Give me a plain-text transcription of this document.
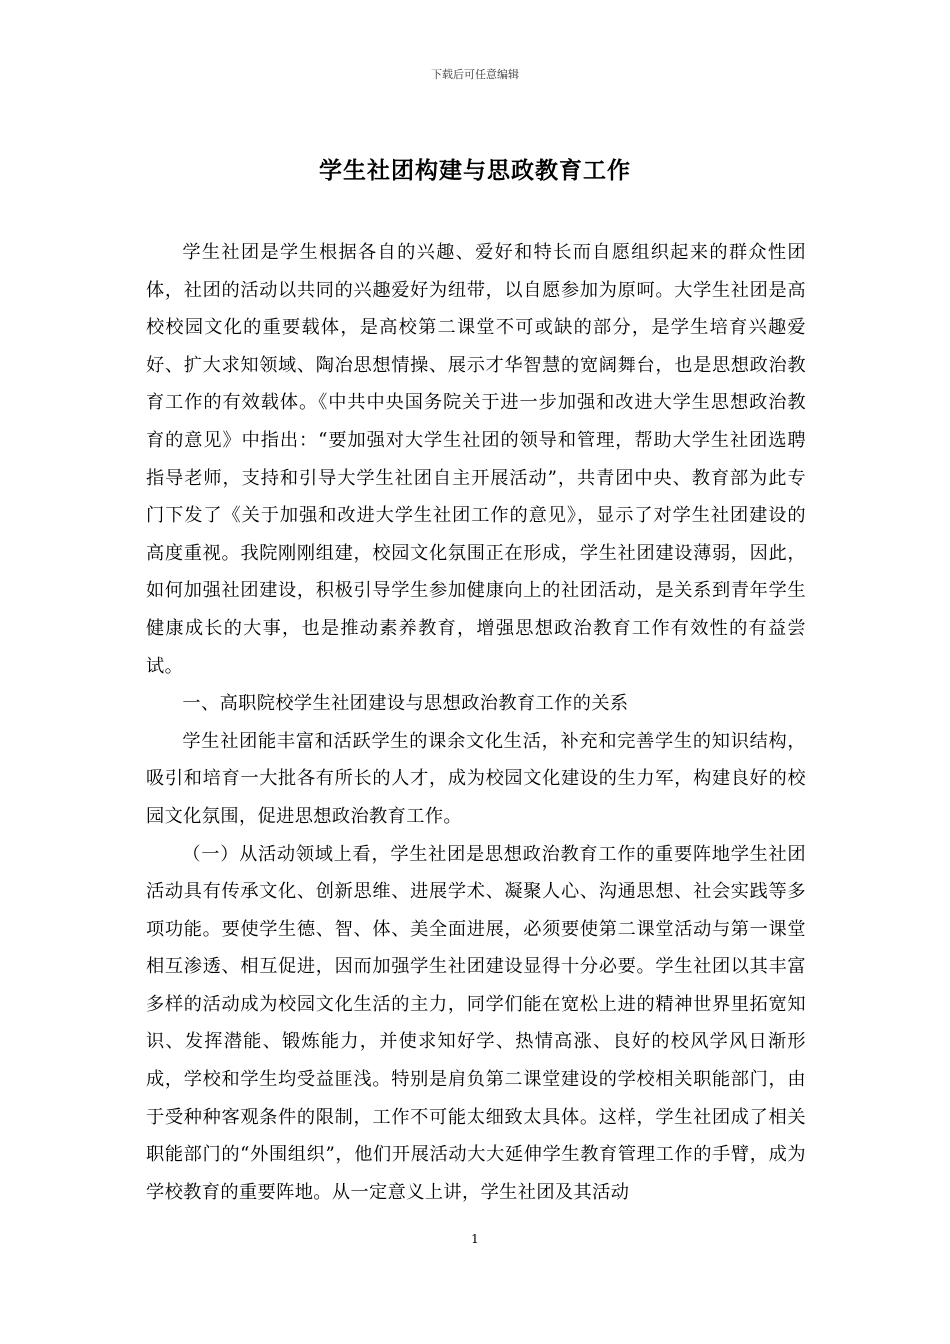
下载后可任意编辑
学生社团构建与思政教育工作

学生社团是学生根据各自的兴趣、爱好和特长而自愿组织起来的群众性团体，社团的活动以共同的兴趣爱好为纽带，以自愿参加为原呵。大学生社团是高校校园文化的重要载体，是高校第二课堂不可或缺的部分，是学生培育兴趣爱好、扩大求知领域、陶冶思想情操、展示才华智慧的宽阔舞台，也是思想政治教育工作的有效载体。《中共中央国务院关于进一步加强和改进大学生思想政治教育的意见》中指出：“要加强对大学生社团的领导和管理，帮助大学生社团选聘指导老师，支持和引导大学生社团自主开展活动”，共青团中央、教育部为此专门下发了《关于加强和改进大学生社团工作的意见》，显示了对学生社团建设的高度重视。我院刚刚组建，校园文化氛围正在形成，学生社团建设薄弱，因此，如何加强社团建设，积极引导学生参加健康向上的社团活动，是关系到青年学生健康成长的大事，也是推动素养教育，增强思想政治教育工作有效性的有益尝试。

一、高职院校学生社团建设与思想政治教育工作的关系

学生社团能丰富和活跃学生的课余文化生活，补充和完善学生的知识结构，吸引和培育一大批各有所长的人才，成为校园文化建设的生力军，构建良好的校园文化氛围，促进思想政治教育工作。

（一）从活动领域上看，学生社团是思想政治教育工作的重要阵地学生社团活动具有传承文化、创新思维、进展学术、凝聚人心、沟通思想、社会实践等多项功能。要使学生德、智、体、美全面进展，必须要使第二课堂活动与第一课堂相互渗透、相互促进，因而加强学生社团建设显得十分必要。学生社团以其丰富多样的活动成为校园文化生活的主力，同学们能在宽松上进的精神世界里拓宽知识、发挥潜能、锻炼能力，并使求知好学、热情高涨、良好的校风学风日渐形成，学校和学生均受益匪浅。特别是肩负第二课堂建设的学校相关职能部门，由于受种种客观条件的限制，工作不可能太细致太具体。这样，学生社团成了相关职能部门的“外围组织”，他们开展活动大大延伸学生教育管理工作的手臂，成为学校教育的重要阵地。从一定意义上讲，学生社团及其活动

1
